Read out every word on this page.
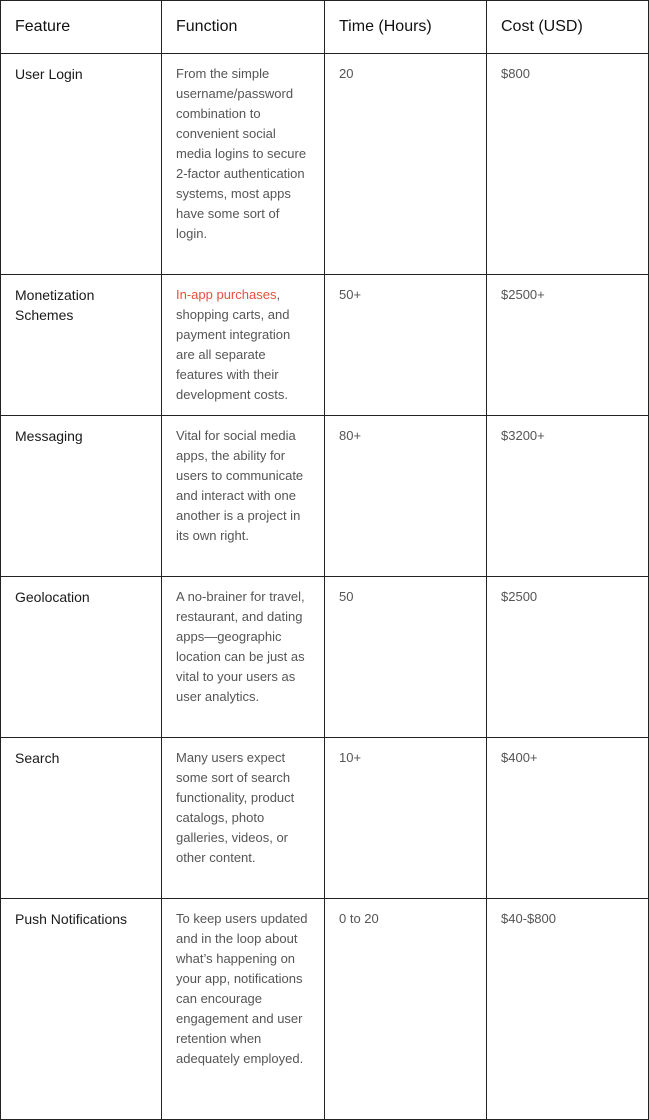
Feature	Function	Time (Hours)	Cost (USD)
User Login	From the simple username/password combination to convenient social media logins to secure 2-factor authentication systems, most apps have some sort of login.	20	$800
Monetization Schemes	In-app purchases, shopping carts, and payment integration are all separate features with their development costs.	50+	$2500+
Messaging	Vital for social media apps, the ability for users to communicate and interact with one another is a project in its own right.	80+	$3200+
Geolocation	A no-brainer for travel, restaurant, and dating apps—geographic location can be just as vital to your users as user analytics.	50	$2500
Search	Many users expect some sort of search functionality, product catalogs, photo galleries, videos, or other content.	10+	$400+
Push Notifications	To keep users updated and in the loop about what’s happening on your app, notifications can encourage engagement and user retention when adequately employed.	0 to 20	$40-$800
